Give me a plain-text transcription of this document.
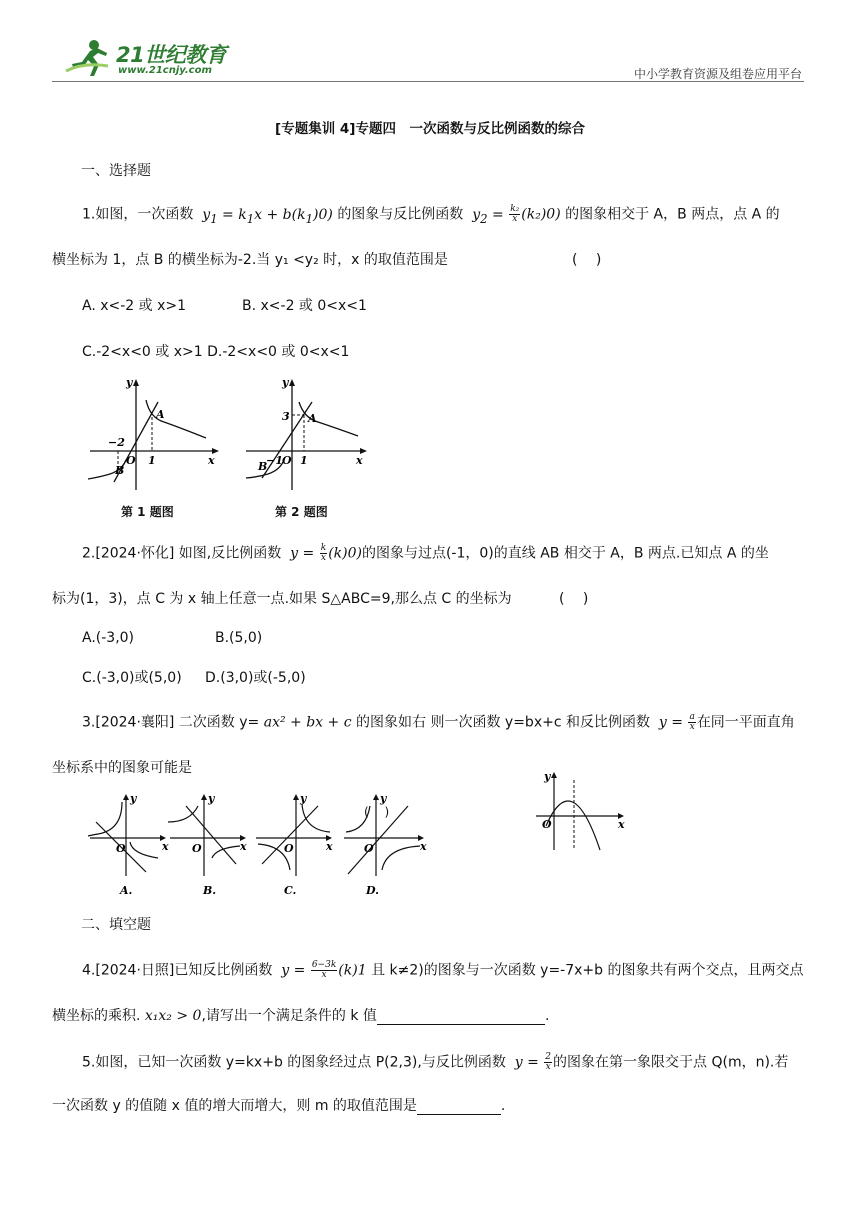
21世纪教育
www.21cnjy.com	中小学教育资源及组卷应用平台
[专题集训 4]专题四　一次函数与反比例函数的综合
一、选择题
1.如图，一次函数 $y_1 = k_1x + b(k_1)0$) 的图象与反比例函数 $y_2 = \frac{\text{k₂}}{x} (k_2)0$) 的图象相交于 A，B 两点，点 A 的
横坐标为 1，点 B 的横坐标为-2.当 y₁ <y₂ 时，x 的取值范围是	(　 )
A. x<-2 或 x>1	B. x<-2 或 0<x<1
C.-2<x<0 或 x>1 D.-2<x<0 或 0<x<1
y
x
O
A
B
−2
1
第 1 题图
y
x
O
A
B
3
−1 1
第 2 题图
2.[2024·怀化] 如图,反比例函数 $y = \frac{k}{x} (k)0$)的图象与过点(-1，0)的直线 AB 相交于 A，B 两点.已知点 A 的坐
标为(1，3)，点 C 为 x 轴上任意一点.如果 S△ABC=9,那么点 C 的坐标为	(　 )
A.(-3,0)	B.(5,0)
C.(-3,0)或(5,0) D.(3,0)或(-5,0)
3.[2024·襄阳] 二次函数 y= ax² + bx + c 的图象如右 则一次函数 y=bx+c 和反比例函数 $y = \frac{a}{x}$ 在同一平面直角
坐标系中的图象可能是
y
x
O
A.
y
x
O
B.
y
x
O
C.
y
x
O
D.
(　 )
y
x
O
二、填空题
4.[2024·日照]已知反比例函数 $y = \frac{6-3k}{x} (k)1$ 且 k≠2)的图象与一次函数 y=-7x+b 的图象共有两个交点，且两交点
横坐标的乘积. x₁x₂ > 0,请写出一个满足条件的 k 值	.
5.如图，已知一次函数 y=kx+b 的图象经过点 P(2,3),与反比例函数 $y = \frac{2}{x}$ 的图象在第一象限交于点 Q(m，n).若
一次函数 y 的值随 x 值的增大而增大，则 m 的取值范围是	.
